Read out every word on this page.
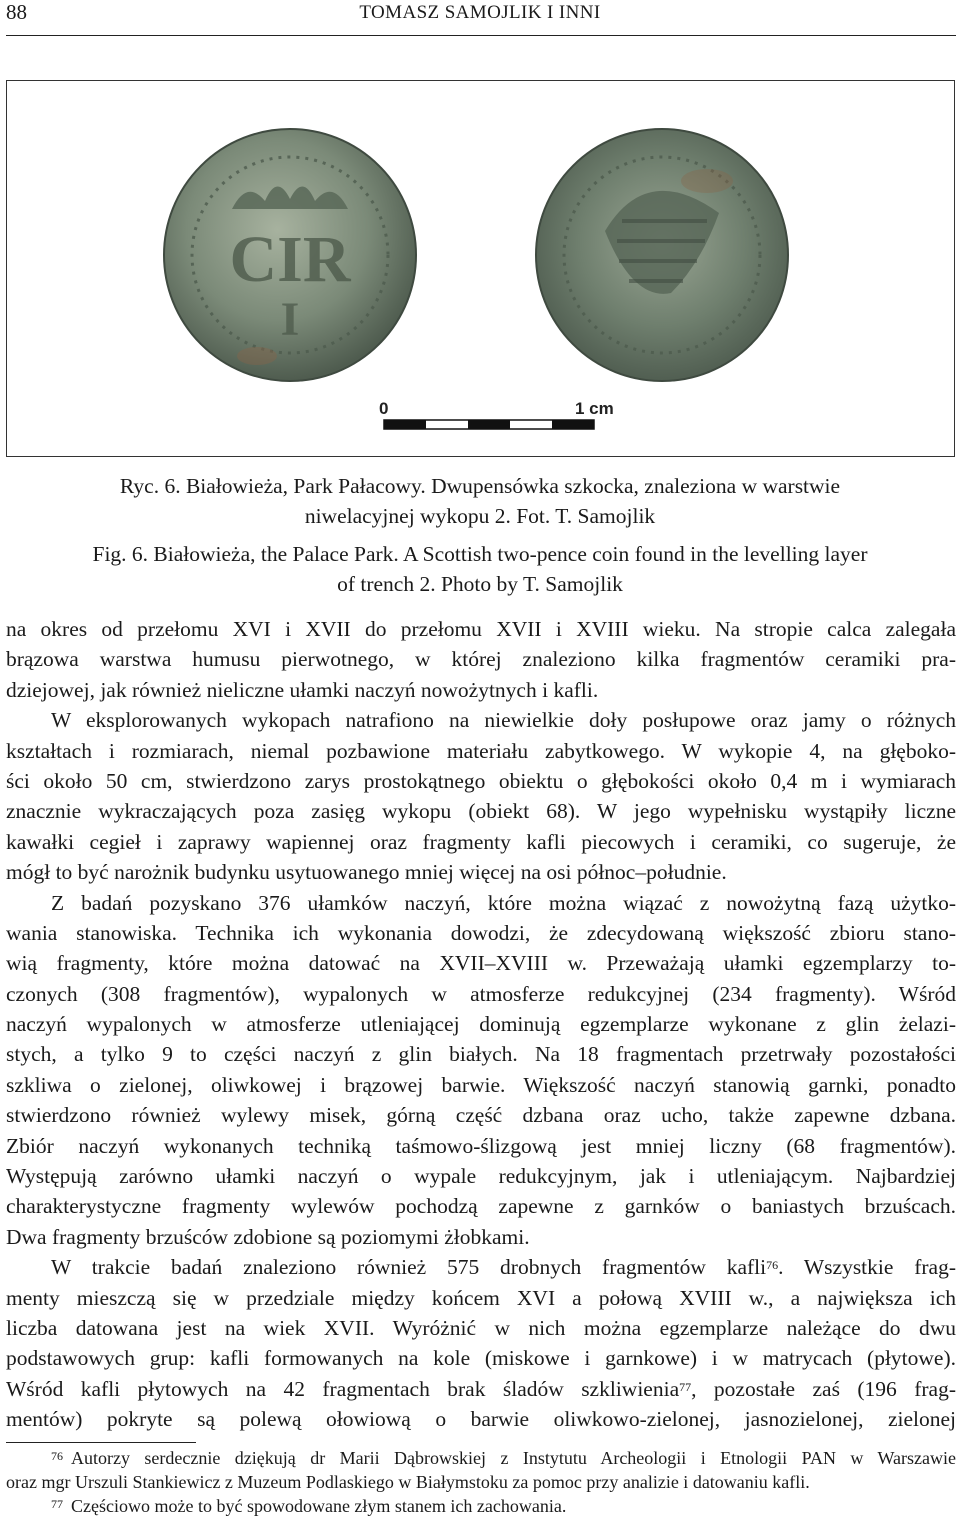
88	TOMASZ SAMOJLIK I INNI
CIR
I
0	1 cm
Ryc. 6. Białowieża, Park Pałacowy. Dwupensówka szkocka, znaleziona w warstwie
niwelacyjnej wykopu 2. Fot. T. Samojlik
Fig. 6. Białowieża, the Palace Park. A Scottish two-pence coin found in the levelling layer
of trench 2. Photo by T. Samojlik
na okres od przełomu XVI i XVII do przełomu XVII i XVIII wieku. Na stropie calca zalegała
brązowa warstwa humusu pierwotnego, w której znaleziono kilka fragmentów ceramiki pra-
dziejowej, jak również nieliczne ułamki naczyń nowożytnych i kafli.
W eksplorowanych wykopach natrafiono na niewielkie doły posłupowe oraz jamy o różnych
kształtach i rozmiarach, niemal pozbawione materiału zabytkowego. W wykopie 4, na głęboko-
ści około 50 cm, stwierdzono zarys prostokątnego obiektu o głębokości około 0,4 m i wymiarach
znacznie wykraczających poza zasięg wykopu (obiekt 68). W jego wypełnisku wystąpiły liczne
kawałki cegieł i zaprawy wapiennej oraz fragmenty kafli piecowych i ceramiki, co sugeruje, że
mógł to być narożnik budynku usytuowanego mniej więcej na osi północ–południe.
Z badań pozyskano 376 ułamków naczyń, które można wiązać z nowożytną fazą użytko-
wania stanowiska. Technika ich wykonania dowodzi, że zdecydowaną większość zbioru stano-
wią fragmenty, które można datować na XVII–XVIII w. Przeważają ułamki egzemplarzy to-
czonych (308 fragmentów), wypalonych w atmosferze redukcyjnej (234 fragmenty). Wśród
naczyń wypalonych w atmosferze utleniającej dominują egzemplarze wykonane z glin żelazi-
stych, a tylko 9 to części naczyń z glin białych. Na 18 fragmentach przetrwały pozostałości
szkliwa o zielonej, oliwkowej i brązowej barwie. Większość naczyń stanowią garnki, ponadto
stwierdzono również wylewy misek, górną część dzbana oraz ucho, także zapewne dzbana.
Zbiór naczyń wykonanych techniką taśmowo-ślizgową jest mniej liczny (68 fragmentów).
Występują zarówno ułamki naczyń o wypale redukcyjnym, jak i utleniającym. Najbardziej
charakterystyczne fragmenty wylewów pochodzą zapewne z garnków o baniastych brzuścach.
Dwa fragmenty brzuśców zdobione są poziomymi żłobkami.
W trakcie badań znaleziono również 575 drobnych fragmentów kafli$^{76}$. Wszystkie frag-
menty mieszczą się w przedziale między końcem XVI a połową XVIII w., a największa ich
liczba datowana jest na wiek XVII. Wyróżnić w nich można egzemplarze należące do dwu
podstawowych grup: kafli formowanych na kole (miskowe i garnkowe) i w matrycach (płytowe).
Wśród kafli płytowych na 42 fragmentach brak śladów szkliwienia$^{77}$, pozostałe zaś (196 frag-
mentów) pokryte są polewą ołowiową o barwie oliwkowo-zielonej, jasnozielonej, zielonej
$^{76}$ Autorzy serdecznie dziękują dr Marii Dąbrowskiej z Instytutu Archeologii i Etnologii PAN w Warszawie
oraz mgr Urszuli Stankiewicz z Muzeum Podlaskiego w Białymstoku za pomoc przy analizie i datowaniu kafli.
$^{77}$ Częściowo może to być spowodowane złym stanem ich zachowania.
